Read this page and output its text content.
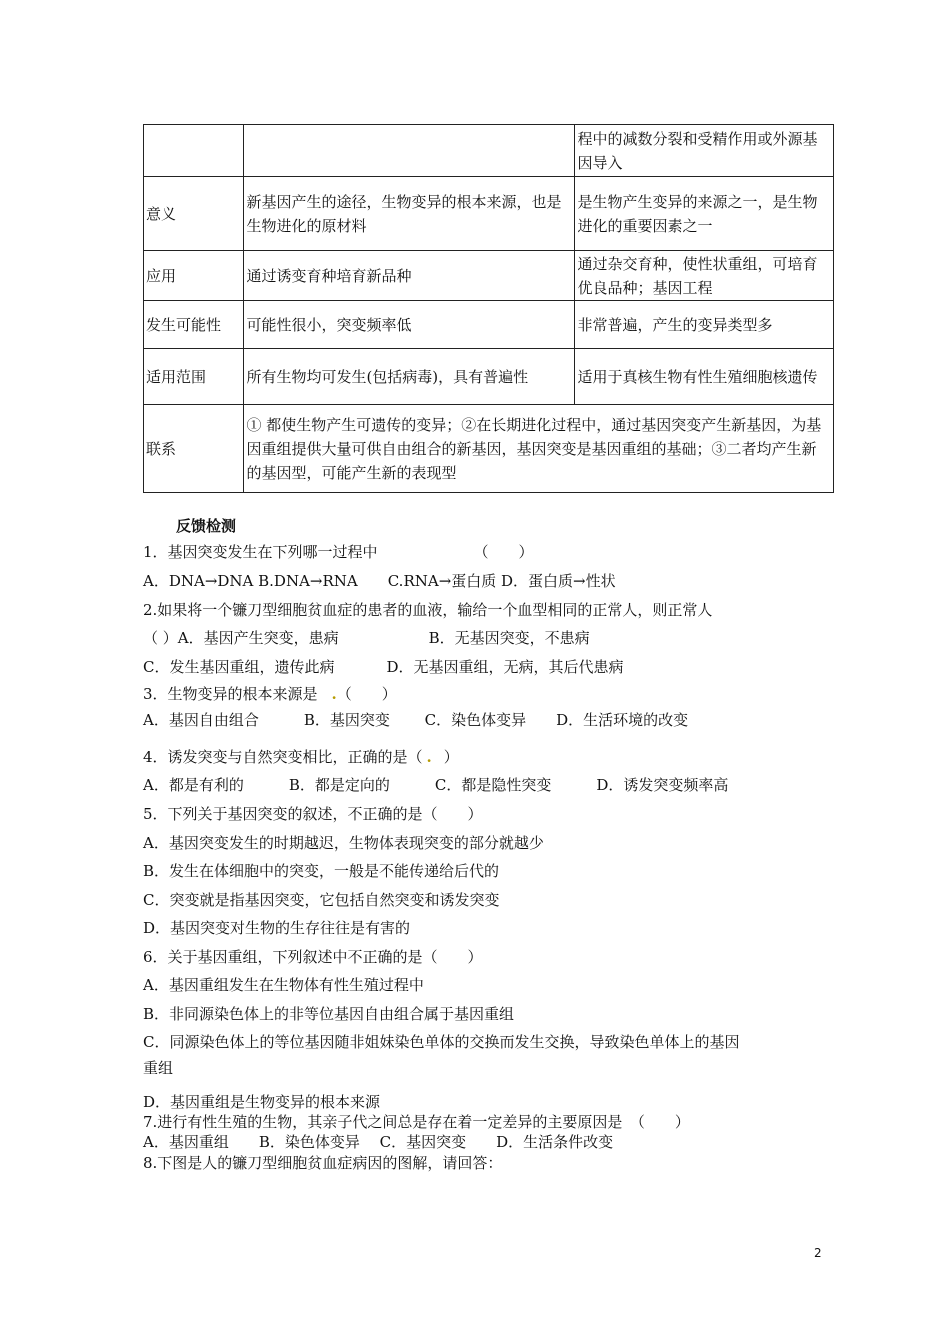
		程中的减数分裂和受精作用或外源基因导入
意义	新基因产生的途径，生物变异的根本来源，也是生物进化的原材料	是生物产生变异的来源之一，是生物进化的重要因素之一
应用	通过诱变育种培育新品种	通过杂交育种，使性状重组，可培育优良品种；基因工程
发生可能性	可能性很小，突变频率低	非常普遍，产生的变异类型多
适用范围	所有生物均可发生(包括病毒)，具有普遍性	适用于真核生物有性生殖细胞核遗传
联系	① 都使生物产生可遗传的变异；②在长期进化过程中，通过基因突变产生新基因，为基因重组提供大量可供自由组合的新基因，基因突变是基因重组的基础；③二者均产生新的基因型，可能产生新的表现型	
反馈检测
1．基因突变发生在下列哪一过程中	（　　）
A．DNA→DNA B.DNA→RNA　　C.RNA→蛋白质 D．蛋白质→性状
2.如果将一个镰刀型细胞贫血症的患者的血液，输给一个血型相同的正常人，则正常人
（ ）A．基因产生突变，患病	B．无基因突变，不患病
C．发生基因重组，遗传此病	D．无基因重组，无病，其后代患病
3．生物变异的根本来源是 .（　　）
A．基因自由组合　　　B．基因突变　　 C．染色体变异　　D．生活环境的改变
4．诱发突变与自然突变相比，正确的是（ . ）
A．都是有利的　　　B．都是定向的　　　C．都是隐性突变　　　D．诱发突变频率高
5．下列关于基因突变的叙述，不正确的是（　　）
A．基因突变发生的时期越迟，生物体表现突变的部分就越少
B．发生在体细胞中的突变，一般是不能传递给后代的
C．突变就是指基因突变，它包括自然突变和诱发突变
D．基因突变对生物的生存往往是有害的
6．关于基因重组，下列叙述中不正确的是（　　）
A．基因重组发生在生物体有性生殖过程中
B．非同源染色体上的非等位基因自由组合属于基因重组
C．同源染色体上的等位基因随非姐妹染色单体的交换而发生交换，导致染色单体上的基因
重组
D．基因重组是生物变异的根本来源
7.进行有性生殖的生物，其亲子代之间总是存在着一定差异的主要原因是　（　　）
A．基因重组　　B．染色体变异　 C．基因突变　　D．生活条件改变
8.下图是人的镰刀型细胞贫血症病因的图解，请回答：
2
